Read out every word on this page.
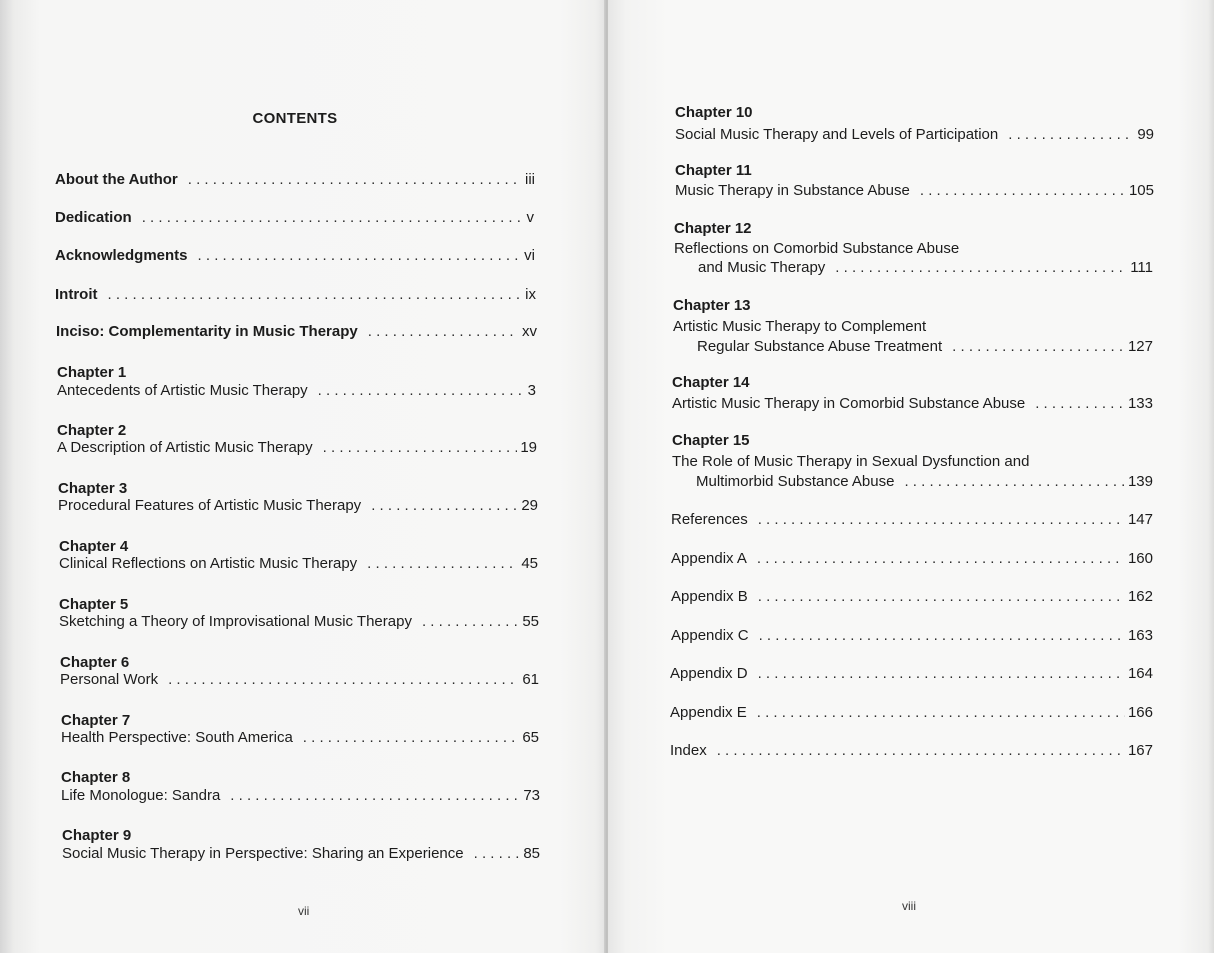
CONTENTS
About the Author . . .	iii
Dedication . . .	v
Acknowledgments . . .	vi
Introit . . .	ix
Inciso: Complementarity in Music Therapy . . .	xv
Chapter 1
Antecedents of Artistic Music Therapy . . .	3
Chapter 2
A Description of Artistic Music Therapy . . .	19
Chapter 3
Procedural Features of Artistic Music Therapy . . .	29
Chapter 4
Clinical Reflections on Artistic Music Therapy . . .	45
Chapter 5
Sketching a Theory of Improvisational Music Therapy . . .	55
Chapter 6
Personal Work . . .	61
Chapter 7
Health Perspective: South America . . .	65
Chapter 8
Life Monologue: Sandra . . .	73
Chapter 9
Social Music Therapy in Perspective: Sharing an Experience . . .	85
vii
Chapter 10
Social Music Therapy and Levels of Participation . . .	99
Chapter 11
Music Therapy in Substance Abuse . . .	105
Chapter 12
Reflections on Comorbid Substance Abuse
and Music Therapy . . .	111
Chapter 13
Artistic Music Therapy to Complement
Regular Substance Abuse Treatment . . .	127
Chapter 14
Artistic Music Therapy in Comorbid Substance Abuse . . .	133
Chapter 15
The Role of Music Therapy in Sexual Dysfunction and
Multimorbid Substance Abuse . . .	139
References . . .	147
Appendix A . . .	160
Appendix B . . .	162
Appendix C . . .	163
Appendix D . . .	164
Appendix E . . .	166
Index . . .	167
viii
